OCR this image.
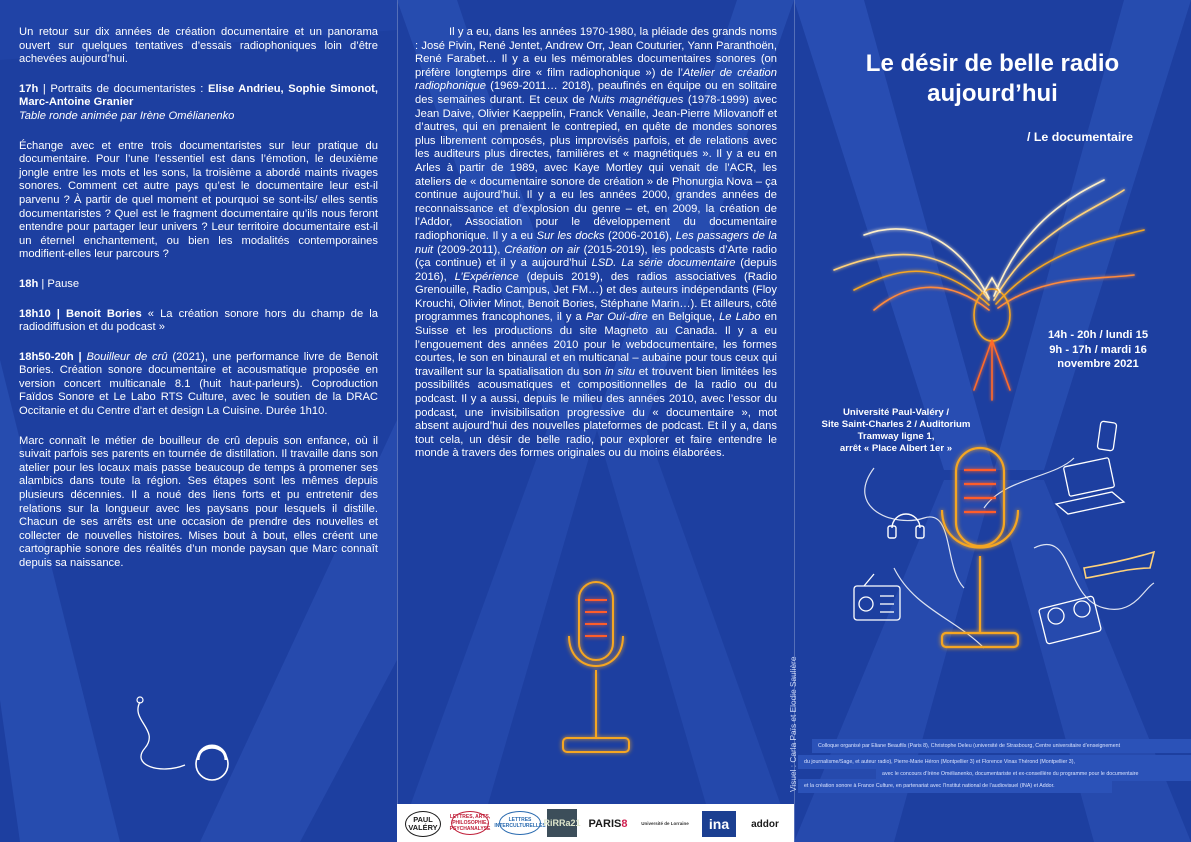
Un retour sur dix années de création documentaire et un panorama ouvert sur quelques tentatives d’essais radiophoniques loin d’être achevées aujourd’hui.

17h | Portraits de documentaristes : Elise Andrieu, Sophie Simonot, Marc-Antoine Granier

Table ronde animée par Irène Omélianenko

Échange avec et entre trois documentaristes sur leur pratique du documentaire. Pour l’une l’essentiel est dans l’émotion, le deuxième jongle entre les mots et les sons, la troisième a abordé maints rivages sonores. Comment cet autre pays qu’est le documentaire leur est-il parvenu ? À partir de quel moment et pourquoi se sont-ils/ elles sentis documentaristes ? Quel est le fragment documentaire qu’ils nous feront entendre pour partager leur univers ? Leur territoire documentaire est-il un éternel enchantement, ou bien les modalités contemporaines modifient-elles leur parcours ?

18h | Pause

18h10 | Benoit Bories « La création sonore hors du champ de la radiodiffusion et du podcast »

18h50-20h | Bouilleur de crû (2021), une performance livre de Benoit Bories. Création sonore documentaire et acousmatique proposée en version concert multicanale 8.1 (huit haut-parleurs). Coproduction Faïdos Sonore et Le Labo RTS Culture, avec le soutien de la DRAC Occitanie et du Centre d’art et design La Cuisine. Durée 1h10.

Marc connaît le métier de bouilleur de crû depuis son enfance, où il suivait parfois ses parents en tournée de distillation. Il travaille dans son atelier pour les locaux mais passe beaucoup de temps à promener ses alambics dans toute la région. Ses étapes sont les mêmes depuis plusieurs décennies. Il a noué des liens forts et pu entretenir des relations sur la longueur avec les paysans pour lesquels il distille. Chacun de ses arrêts est une occasion de prendre des nouvelles et collecter de nouvelles histoires. Mises bout à bout, elles créent une cartographie sonore des réalités d’un monde paysan que Marc connaît depuis sa naissance.

Il y a eu, dans les années 1970-1980, la pléiade des grands noms : José Pivin, René Jentet, Andrew Orr, Jean Couturier, Yann Paranthoën, René Farabet… Il y a eu les mémorables documentaires sonores (on préfère longtemps dire « film radiophonique ») de l’Atelier de création radiophonique (1969-2011… 2018), peaufinés en équipe ou en solitaire des semaines durant. Et ceux de Nuits magnétiques (1978-1999) avec Jean Daive, Olivier Kaeppelin, Franck Venaille, Jean-Pierre Milovanoff et d’autres, qui en prenaient le contrepied, en quête de mondes sonores plus librement composés, plus improvisés parfois, et de relations avec les auditeurs plus directes, familières et « magnétiques ». Il y a eu en Arles à partir de 1989, avec Kaye Mortley qui venait de l’ACR, les ateliers de « documentaire sonore de création » de Phonurgia Nova – ça continue aujourd’hui. Il y a eu les années 2000, grandes années de reconnaissance et d’explosion du genre – et, en 2009, la création de l’Addor, Association pour le développement du documentaire radiophonique. Il y a eu Sur les docks (2006-2016), Les passagers de la nuit (2009-2011), Création on air (2015-2019), les podcasts d’Arte radio (ça continue) et il y a aujourd’hui LSD. La série documentaire (depuis 2016), L’Expérience (depuis 2019), des radios associatives (Radio Grenouille, Radio Campus, Jet FM…) et des auteurs indépendants (Floy Krouchi, Olivier Minot, Benoit Bories, Stéphane Marin…). Et ailleurs, côté programmes francophones, il y a Par Ouï-dire en Belgique, Le Labo en Suisse et les productions du site Magneto au Canada. Il y a eu l’engouement des années 2010 pour le webdocumentaire, les formes courtes, le son en binaural et en multicanal – aubaine pour tous ceux qui travaillent sur la spatialisation du son in situ et trouvent bien limitées les possibilités acousmatiques et compositionnelles de la radio ou du podcast. Il y a aussi, depuis le milieu des années 2010, avec l’essor du podcast, une invisibilisation progressive du « documentaire », mot absent aujourd’hui des nouvelles plateformes de podcast. Et il y a, dans tout cela, un désir de belle radio, pour explorer et faire entendre le monde à travers des formes originales ou du moins élaborées.

Visuel : Carla Païs et Elodie Saulière
PAUL VALÉRY
LETTRES, ARTS, PHILOSOPHIE, PSYCHANALYSE
LETTRES INTERCULTURELLES
RiRRa21 PARIS 8	Université de Lorraine	ina	addor
Le désir de belle radio
aujourd’hui
/ Le documentaire
14h - 20h / lundi 15
9h - 17h / mardi 16
novembre 2021
Université Paul-Valéry /
Site Saint-Charles 2 / Auditorium
Tramway ligne 1,
arrêt « Place Albert 1er »
Colloque organisé par Eliane Beaufils (Paris 8), Christophe Deleu (université de Strasbourg, Centre universitaire d’enseignement
du journalisme/Sage, et auteur radio), Pierre-Marie Héron (Montpellier 3) et Florence Vinas Thérond (Montpellier 3),
avec le concours d’Irène Omélianenko, documentariste et ex-conseillère du programme pour le documentaire
et la création sonore à France Culture, en partenariat avec l’Institut national de l’audiovisuel (INA) et Addor.
